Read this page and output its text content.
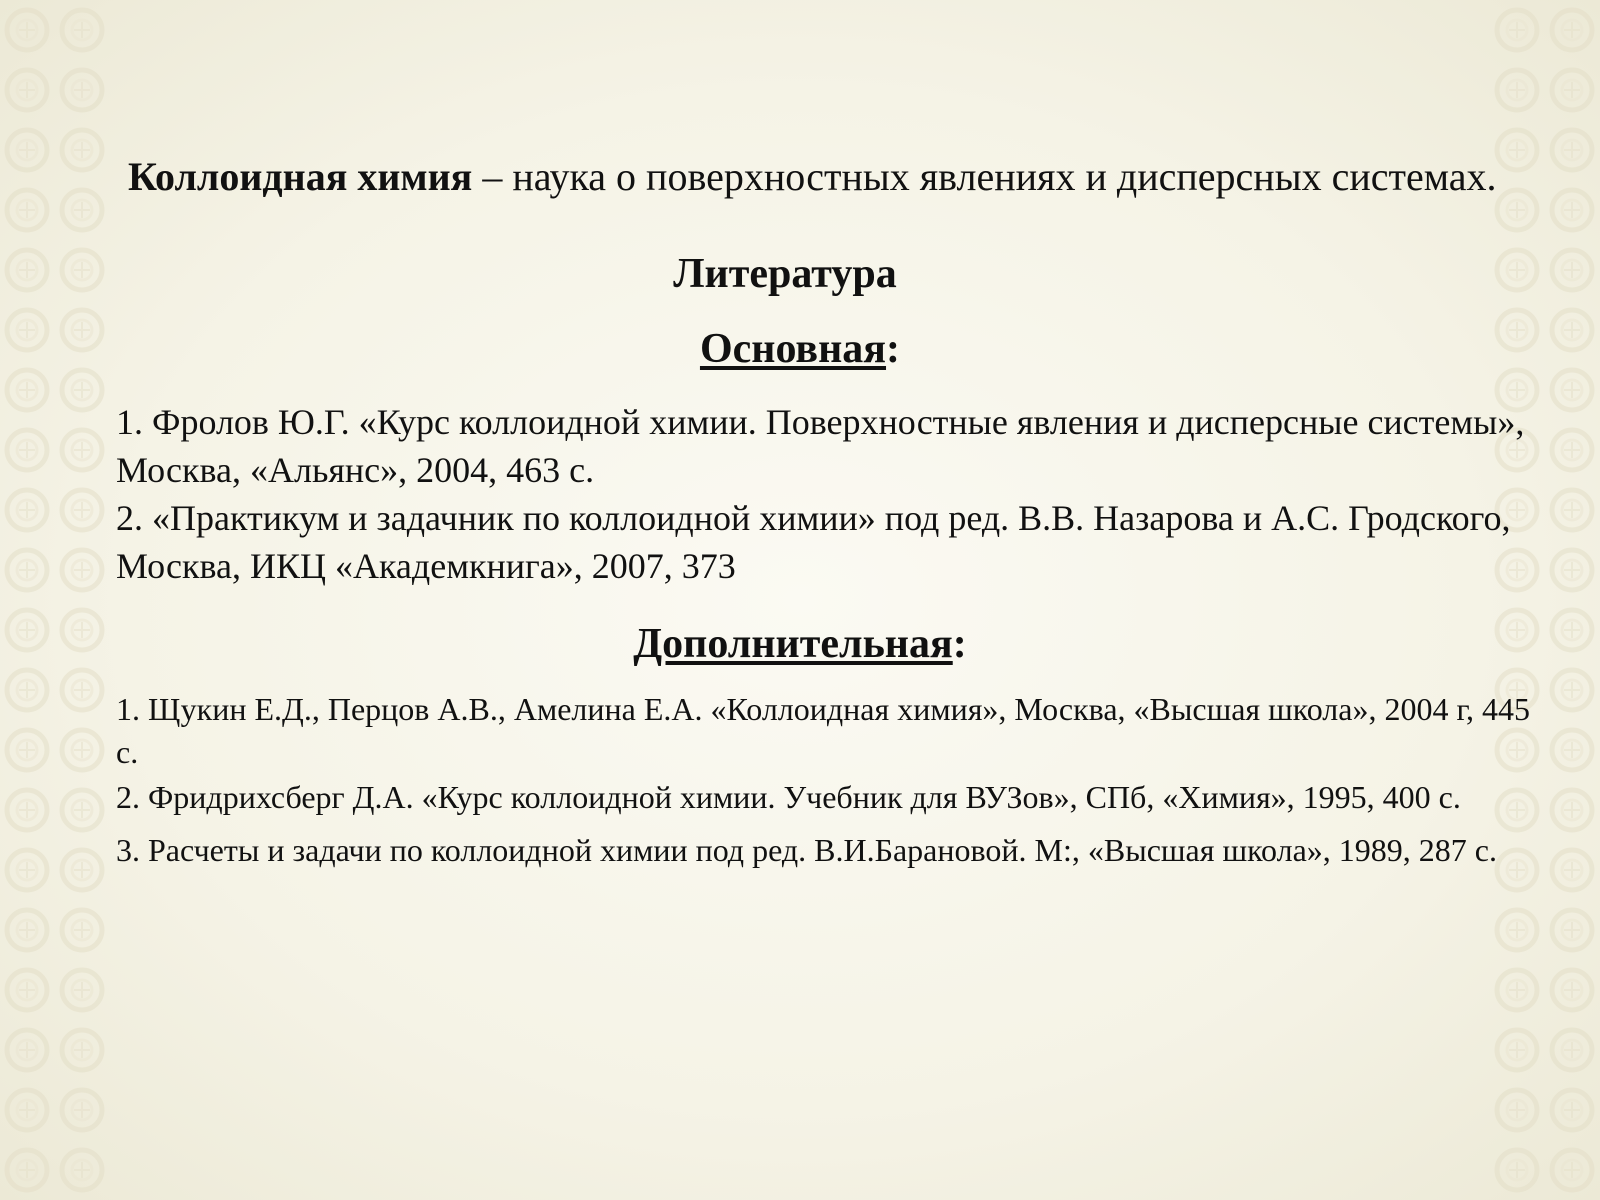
Коллоидная химия – наука о поверхностных явлениях и дисперсных системах.

Литература
Основная:

1. Фролов Ю.Г. «Курс коллоидной химии. Поверхностные явления и дисперсные системы», Москва, «Альянс», 2004, 463 с.

2. «Практикум и задачник по коллоидной химии» под ред. В.В. Назарова и А.С. Гродского, Москва, ИКЦ «Академкнига», 2007, 373

Дополнительная:

1. Щукин Е.Д., Перцов А.В., Амелина Е.А. «Коллоидная химия», Москва, «Высшая школа», 2004 г, 445 с.

2. Фридрихсберг Д.А. «Курс коллоидной химии. Учебник для ВУЗов», СПб, «Химия», 1995, 400 с.

3. Расчеты и задачи по коллоидной химии под ред. В.И.Барановой. М:, «Высшая школа», 1989, 287 с.
